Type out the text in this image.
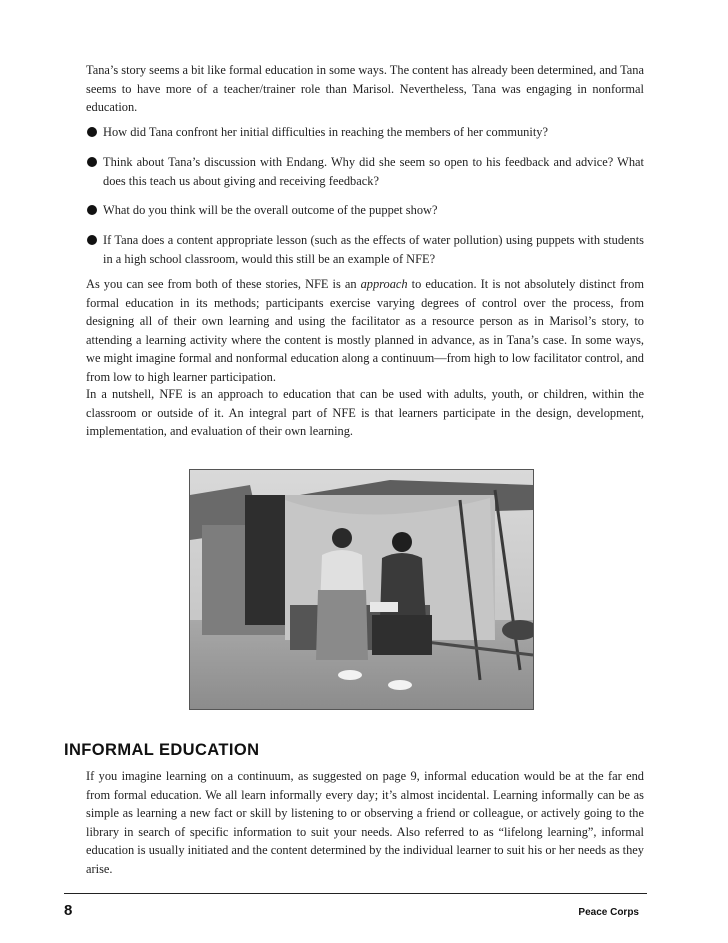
Tana’s story seems a bit like formal education in some ways. The content has already been determined, and Tana seems to have more of a teacher/trainer role than Marisol. Nevertheless, Tana was engaging in nonformal education.

How did Tana confront her initial difficulties in reaching the members of her community?
Think about Tana’s discussion with Endang. Why did she seem so open to his feedback and advice? What does this teach us about giving and receiving feedback?
What do you think will be the overall outcome of the puppet show?
If Tana does a content appropriate lesson (such as the effects of water pollution) using puppets with students in a high school classroom, would this still be an example of NFE?

As you can see from both of these stories, NFE is an approach to education. It is not absolutely distinct from formal education in its methods; participants exercise varying degrees of control over the process, from designing all of their own learning and using the facilitator as a resource person as in Marisol’s story, to attending a learning activity where the content is mostly planned in advance, as in Tana’s case. In some ways, we might imagine formal and nonformal education along a continuum—from high to low facilitator control, and from low to high learner participation.

In a nutshell, NFE is an approach to education that can be used with adults, youth, or children, within the classroom or outside of it. An integral part of NFE is that learners participate in the design, development, implementation, and evaluation of their own learning.

INFORMAL EDUCATION

If you imagine learning on a continuum, as suggested on page 9, informal education would be at the far end from formal education. We all learn informally every day; it’s almost incidental. Learning informally can be as simple as learning a new fact or skill by listening to or observing a friend or colleague, or actively going to the library in search of specific information to suit your needs. Also referred to as “lifelong learning”, informal education is usually initiated and the content determined by the individual learner to suit his or her needs as they arise.

8	Peace Corps
